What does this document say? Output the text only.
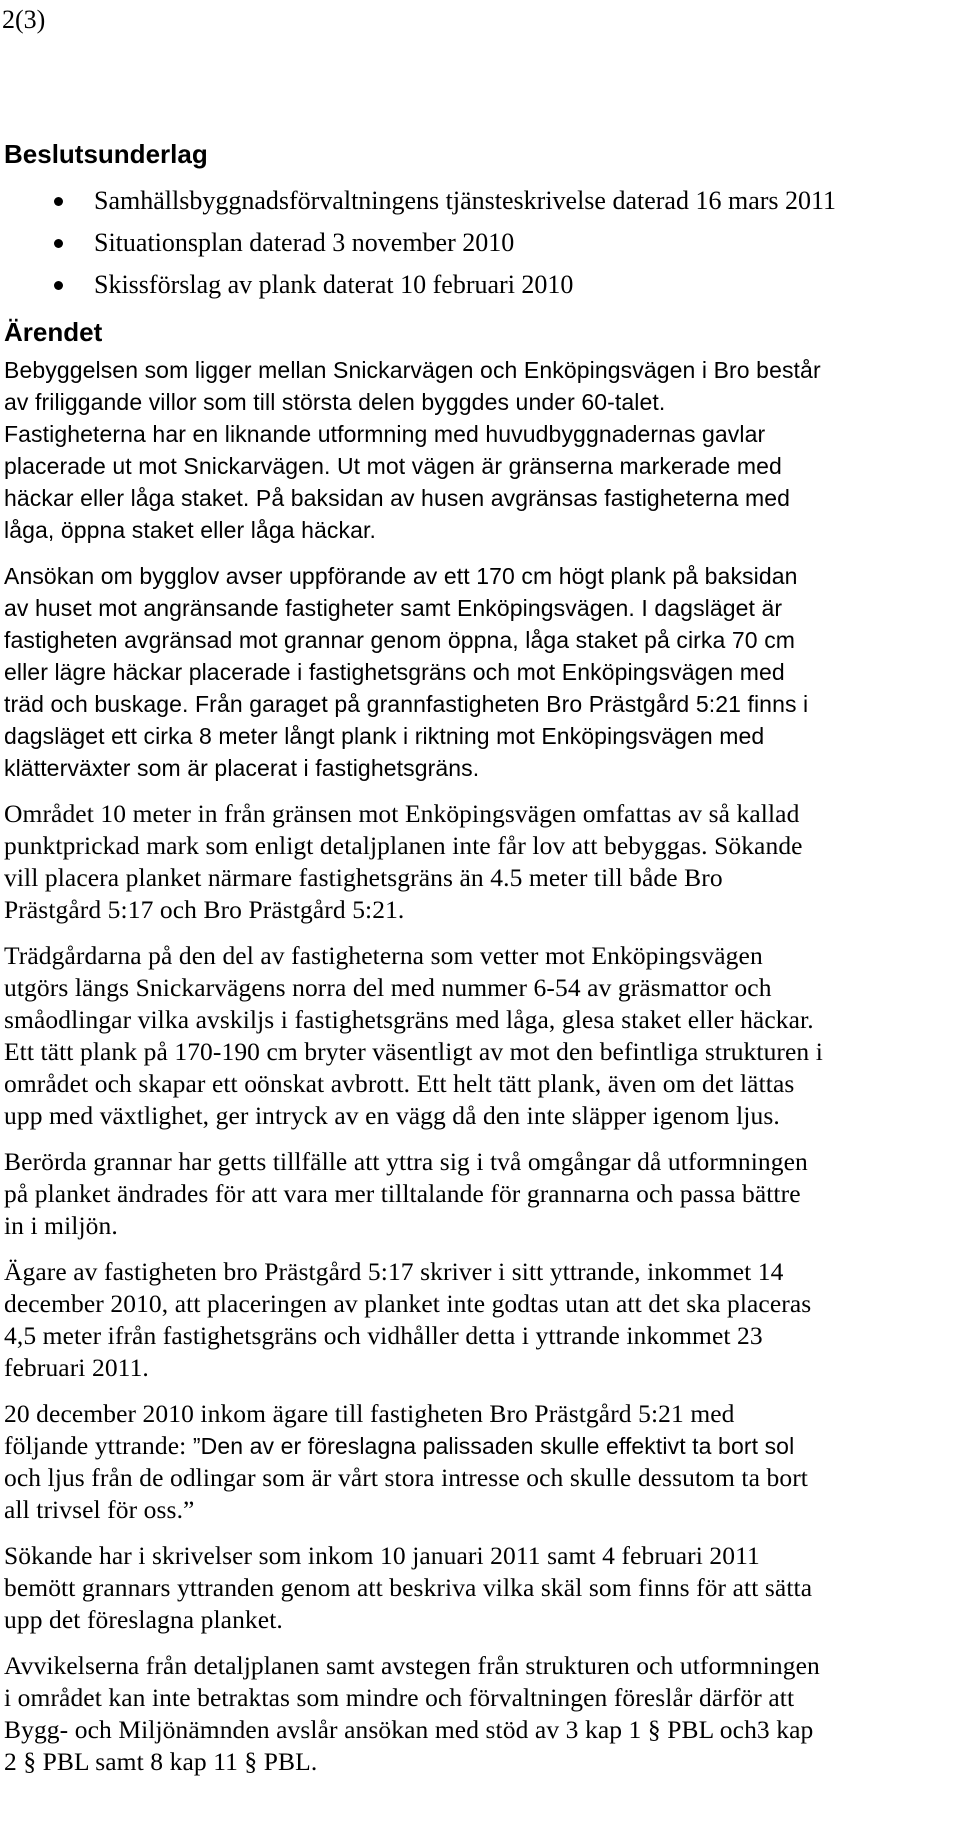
2(3)
Beslutsunderlag
Samhällsbyggnadsförvaltningens tjänsteskrivelse daterad 16 mars 2011
Situationsplan daterad 3 november 2010
Skissförslag av plank daterat 10 februari 2010
Ärendet
Bebyggelsen som ligger mellan Snickarvägen och Enköpingsvägen i Bro består
av friliggande villor som till största delen byggdes under 60-talet.
Fastigheterna har en liknande utformning med huvudbyggnadernas gavlar
placerade ut mot Snickarvägen. Ut mot vägen är gränserna markerade med
häckar eller låga staket. På baksidan av husen avgränsas fastigheterna med
låga, öppna staket eller låga häckar.
Ansökan om bygglov avser uppförande av ett 170 cm högt plank på baksidan
av huset mot angränsande fastigheter samt Enköpingsvägen. I dagsläget är
fastigheten avgränsad mot grannar genom öppna, låga staket på cirka 70 cm
eller lägre häckar placerade i fastighetsgräns och mot Enköpingsvägen med
träd och buskage. Från garaget på grannfastigheten Bro Prästgård 5:21 finns i
dagsläget ett cirka 8 meter långt plank i riktning mot Enköpingsvägen med
klätterväxter som är placerat i fastighetsgräns.
Området 10 meter in från gränsen mot Enköpingsvägen omfattas av så kallad
punktprickad mark som enligt detaljplanen inte får lov att bebyggas. Sökande
vill placera planket närmare fastighetsgräns än 4.5 meter till både Bro
Prästgård 5:17 och Bro Prästgård 5:21.
Trädgårdarna på den del av fastigheterna som vetter mot Enköpingsvägen
utgörs längs Snickarvägens norra del med nummer 6-54 av gräsmattor och
småodlingar vilka avskiljs i fastighetsgräns med låga, glesa staket eller häckar.
Ett tätt plank på 170-190 cm bryter väsentligt av mot den befintliga strukturen i
området och skapar ett oönskat avbrott. Ett helt tätt plank, även om det lättas
upp med växtlighet, ger intryck av en vägg då den inte släpper igenom ljus.
Berörda grannar har getts tillfälle att yttra sig i två omgångar då utformningen
på planket ändrades för att vara mer tilltalande för grannarna och passa bättre
in i miljön.
Ägare av fastigheten bro Prästgård 5:17 skriver i sitt yttrande, inkommet 14
december 2010, att placeringen av planket inte godtas utan att det ska placeras
4,5 meter ifrån fastighetsgräns och vidhåller detta i yttrande inkommet 23
februari 2011.
20 december 2010 inkom ägare till fastigheten Bro Prästgård 5:21 med
följande yttrande: ”Den av er föreslagna palissaden skulle effektivt ta bort sol
och ljus från de odlingar som är vårt stora intresse och skulle dessutom ta bort
all trivsel för oss.”
Sökande har i skrivelser som inkom 10 januari 2011 samt 4 februari 2011
bemött grannars yttranden genom att beskriva vilka skäl som finns för att sätta
upp det föreslagna planket.
Avvikelserna från detaljplanen samt avstegen från strukturen och utformningen
i området kan inte betraktas som mindre och förvaltningen föreslår därför att
Bygg- och Miljönämnden avslår ansökan med stöd av 3 kap 1 § PBL och3 kap
2 § PBL samt 8 kap 11 § PBL.
